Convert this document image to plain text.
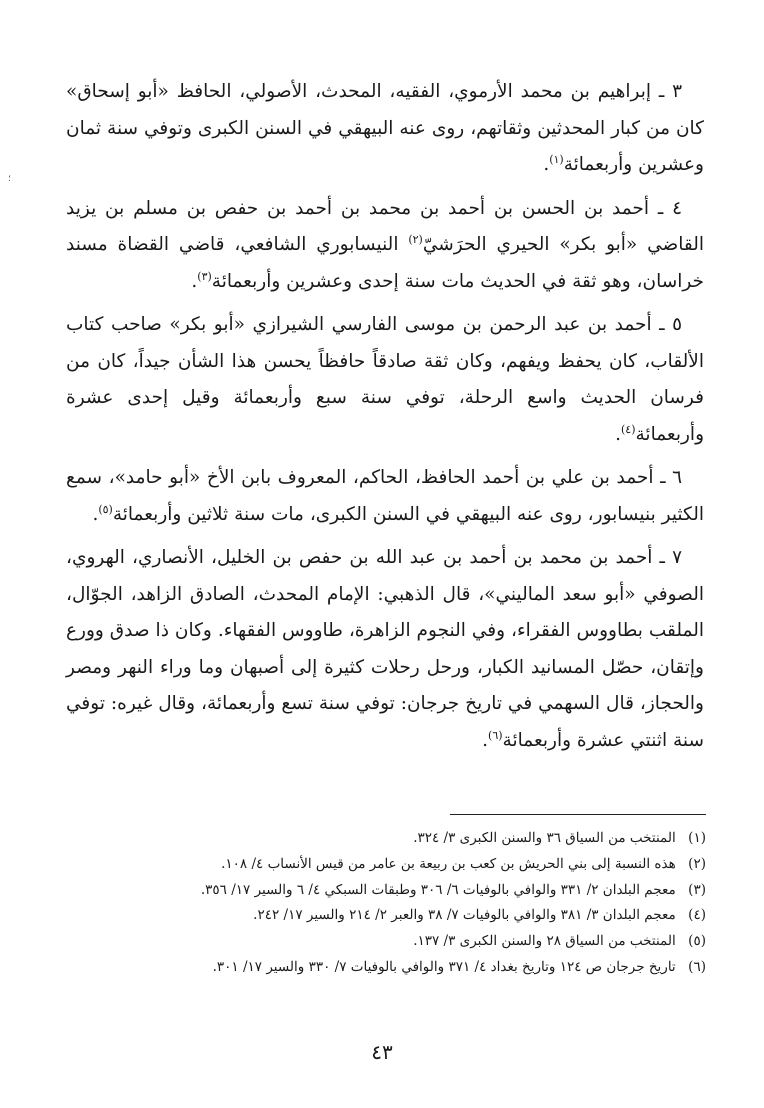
؛

٣ ـ إبراهيم بن محمد الأرموي، الفقيه، المحدث، الأصولي، الحافظ «أبو إسحاق» كان من كبار المحدثين وثقاتهم، روى عنه البيهقي في السنن الكبرى وتوفي سنة ثمان وعشرين وأربعمائة$^{(١)}$.

٤ ـ أحمد بن الحسن بن أحمد بن محمد بن أحمد بن حفص بن مسلم بن يزيد القاضي «أبو بكر» الحيري الحرَشيّ$^{(٢)}$ النيسابوري الشافعي، قاضي القضاة مسند خراسان، وهو ثقة في الحديث مات سنة إحدى وعشرين وأربعمائة$^{(٣)}$.

٥ ـ أحمد بن عبد الرحمن بن موسى الفارسي الشيرازي «أبو بكر» صاحب كتاب الألقاب، كان يحفظ ويفهم، وكان ثقة صادقاً حافظاً يحسن هذا الشأن جيداً، كان من فرسان الحديث واسع الرحلة، توفي سنة سبع وأربعمائة وقيل إحدى عشرة وأربعمائة$^{(٤)}$.

٦ ـ أحمد بن علي بن أحمد الحافظ، الحاكم، المعروف بابن الأخ «أبو حامد»، سمع الكثير بنيسابور، روى عنه البيهقي في السنن الكبرى، مات سنة ثلاثين وأربعمائة$^{(٥)}$.

٧ ـ أحمد بن محمد بن أحمد بن عبد الله بن حفص بن الخليل، الأنصاري، الهروي، الصوفي «أبو سعد الماليني»، قال الذهبي: الإمام المحدث، الصادق الزاهد، الجوّال، الملقب بطاووس الفقراء، وفي النجوم الزاهرة، طاووس الفقهاء. وكان ذا صدق وورع وإتقان، حصّل المسانيد الكبار، ورحل رحلات كثيرة إلى أصبهان وما وراء النهر ومصر والحجاز، قال السهمي في تاريخ جرجان: توفي سنة تسع وأربعمائة، وقال غيره: توفي سنة اثنتي عشرة وأربعمائة$^{(٦)}$.

(١) المنتخب من السياق ٣٦ والسنن الكبرى ٣/ ٣٢٤.
(٢) هذه النسبة إلى بني الحريش بن كعب بن ربيعة بن عامر من قيس الأنساب ٤/ ١٠٨.
(٣) معجم البلدان ٢/ ٣٣١ والوافي بالوفيات ٦/ ٣٠٦ وطبقات السبكي ٤/ ٦ والسير ١٧/ ٣٥٦.
(٤) معجم البلدان ٣/ ٣٨١ والوافي بالوفيات ٧/ ٣٨ والعبر ٢/ ٢١٤ والسير ١٧/ ٢٤٢.
(٥) المنتخب من السياق ٢٨ والسنن الكبرى ٣/ ١٣٧.
(٦) تاريخ جرجان ص ١٢٤ وتاريخ بغداد ٤/ ٣٧١ والوافي بالوفيات ٧/ ٣٣٠ والسير ١٧/ ٣٠١.
٤٣
